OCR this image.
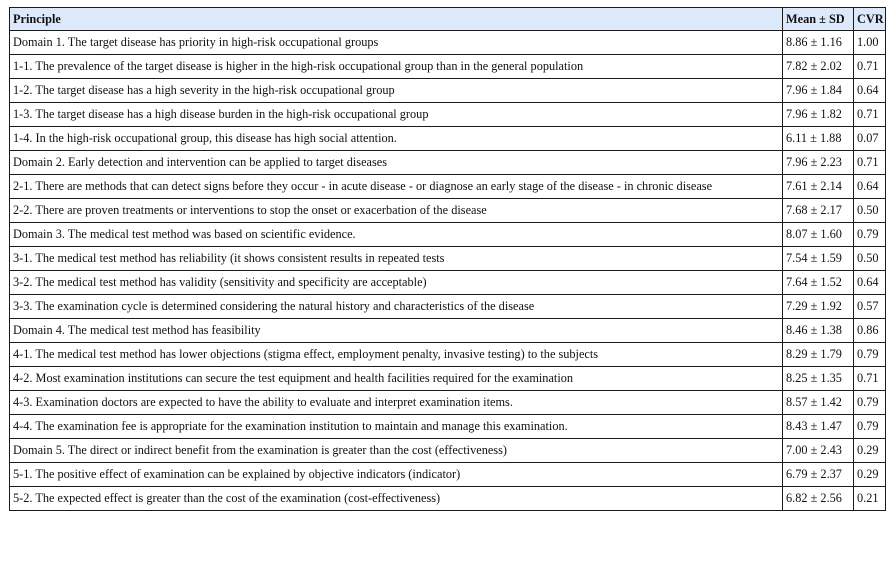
Principle	Mean ± SD	CVR
Domain 1. The target disease has priority in high-risk occupational groups	8.86 ± 1.16	1.00
1-1. The prevalence of the target disease is higher in the high-risk occupational group than in the general population	7.82 ± 2.02	0.71
1-2. The target disease has a high severity in the high-risk occupational group	7.96 ± 1.84	0.64
1-3. The target disease has a high disease burden in the high-risk occupational group	7.96 ± 1.82	0.71
1-4. In the high-risk occupational group, this disease has high social attention.	6.11 ± 1.88	0.07
Domain 2. Early detection and intervention can be applied to target diseases	7.96 ± 2.23	0.71
2-1. There are methods that can detect signs before they occur - in acute disease - or diagnose an early stage of the disease - in chronic disease	7.61 ± 2.14	0.64
2-2. There are proven treatments or interventions to stop the onset or exacerbation of the disease	7.68 ± 2.17	0.50
Domain 3. The medical test method was based on scientific evidence.	8.07 ± 1.60	0.79
3-1. The medical test method has reliability (it shows consistent results in repeated tests	7.54 ± 1.59	0.50
3-2. The medical test method has validity (sensitivity and specificity are acceptable)	7.64 ± 1.52	0.64
3-3. The examination cycle is determined considering the natural history and characteristics of the disease	7.29 ± 1.92	0.57
Domain 4. The medical test method has feasibility	8.46 ± 1.38	0.86
4-1. The medical test method has lower objections (stigma effect, employment penalty, invasive testing) to the subjects	8.29 ± 1.79	0.79
4-2. Most examination institutions can secure the test equipment and health facilities required for the examination	8.25 ± 1.35	0.71
4-3. Examination doctors are expected to have the ability to evaluate and interpret examination items.	8.57 ± 1.42	0.79
4-4. The examination fee is appropriate for the examination institution to maintain and manage this examination.	8.43 ± 1.47	0.79
Domain 5. The direct or indirect benefit from the examination is greater than the cost (effectiveness)	7.00 ± 2.43	0.29
5-1. The positive effect of examination can be explained by objective indicators (indicator)	6.79 ± 2.37	0.29
5-2. The expected effect is greater than the cost of the examination (cost-effectiveness)	6.82 ± 2.56	0.21
